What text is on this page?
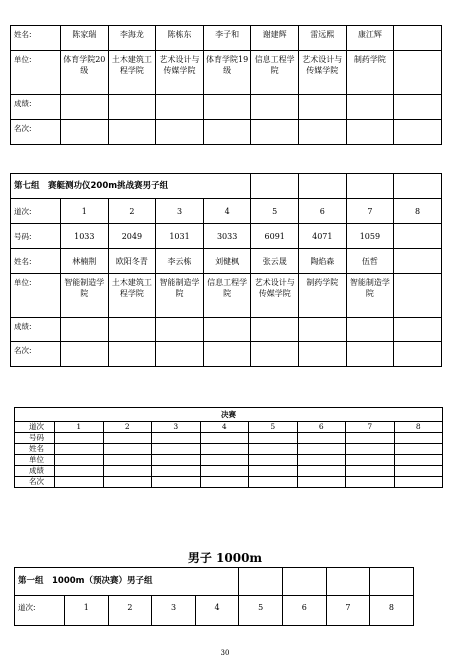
姓名:	陈家瑞	李海龙	陈栋东	李子和	谢建辉	雷远熙	康江辉	
单位:	体育学院20级	土木建筑工程学院	艺术设计与传媒学院	体育学院19级	信息工程学院	艺术设计与传媒学院	制药学院	
成绩:								
名次:								
第七组　赛艇测功仪200m挑战赛男子组								
道次:	1	2	3	4	5	6	7	8
号码:	1033	2049	1031	3033	6091	4071	1059	
姓名:	林楠荆	欧阳冬青	李云栋	刘健枫	张云晟	陶焰森	伍哲	
单位:	智能制造学院	土木建筑工程学院	智能制造学院	信息工程学院	艺术设计与传媒学院	制药学院	智能制造学院	
成绩:								
名次:								
决赛								
道次	1	2	3	4	5	6	7	8
号码								
姓名								
单位								
成绩								
名次								
男子 1000m
第一组　1000m（预决赛）男子组								
道次:	1	2	3	4	5	6	7	8
30
